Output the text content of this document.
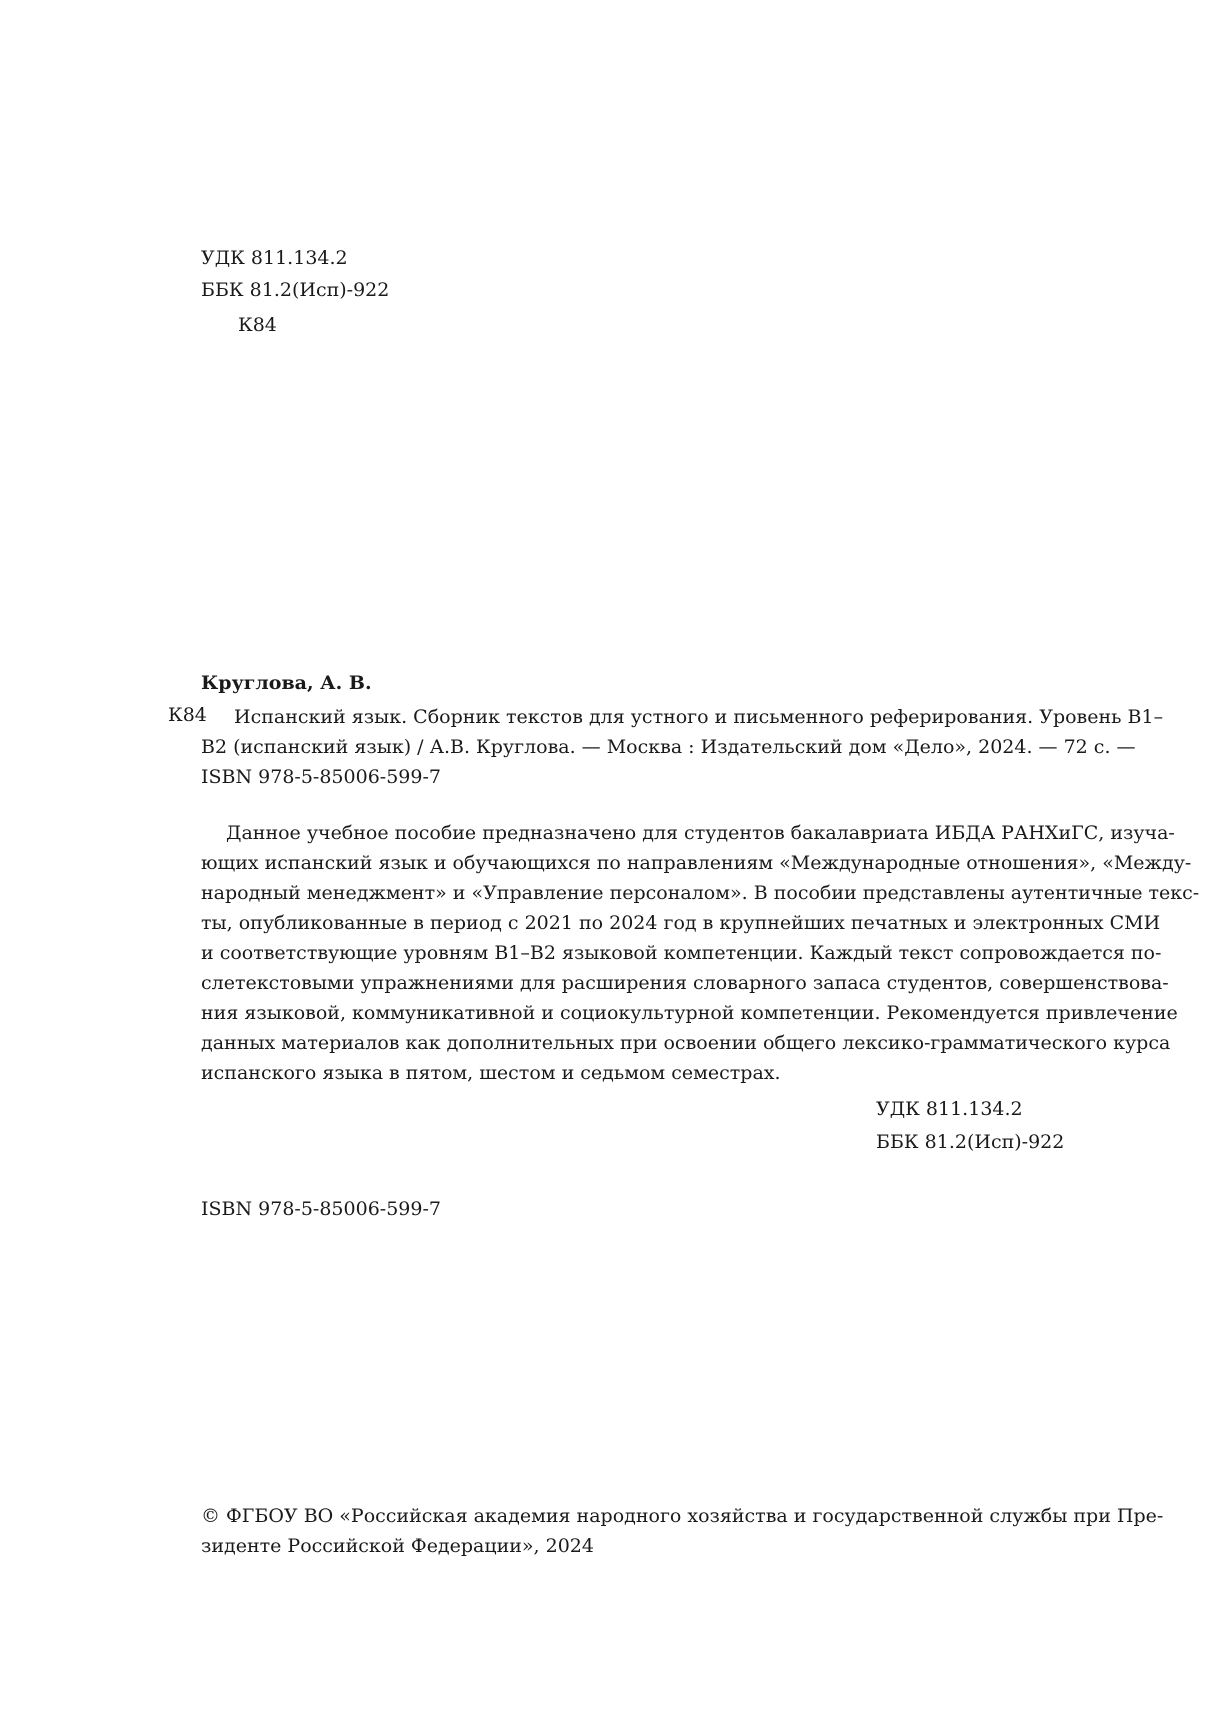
УДК 811.134.2
ББК 81.2(Исп)-922
К84
Круглова, А. В.
К84	Испанский язык. Сборник текстов для устного и письменного реферирования. Уровень B1–
B2 (испанский язык) / А.В. Круглова. — Москва : Издательский дом «Дело», 2024. — 72 с. —
ISBN 978-5-85006-599-7
Данное учебное пособие предназначено для студентов бакалавриата ИБДА РАНХиГС, изуча-
ющих испанский язык и обучающихся по направлениям «Международные отношения», «Между-
народный менеджмент» и «Управление персоналом». В пособии представлены аутентичные текс-
ты, опубликованные в период с 2021 по 2024 год в крупнейших печатных и электронных СМИ
и соответствующие уровням B1–B2 языковой компетенции. Каждый текст сопровождается по-
слетекстовыми упражнениями для расширения словарного запаса студентов, совершенствова-
ния языковой, коммуникативной и социокультурной компетенции. Рекомендуется привлечение
данных материалов как дополнительных при освоении общего лексико-грамматического курса
испанского языка в пятом, шестом и седьмом семестрах.
УДК 811.134.2
ББК 81.2(Исп)-922
ISBN 978-5-85006-599-7
© ФГБОУ ВО «Российская академия народного хозяйства и государственной службы при Пре-
зиденте Российской Федерации», 2024
